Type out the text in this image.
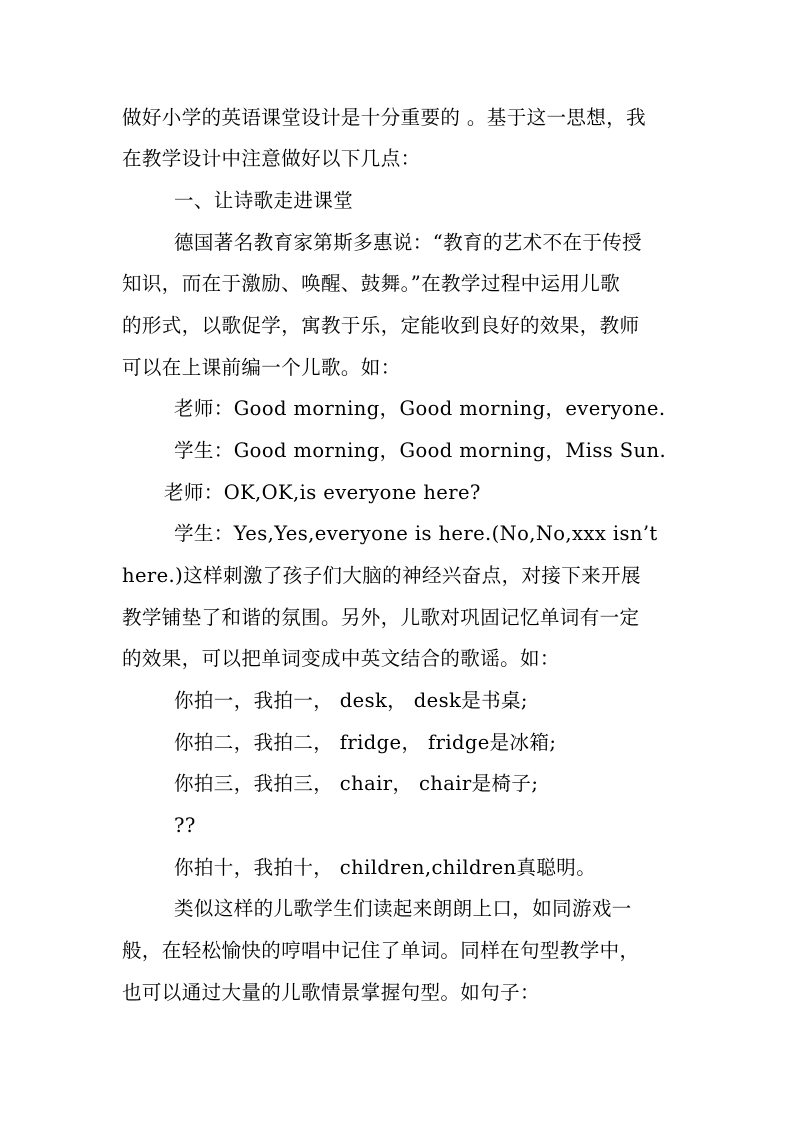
做好小学的英语课堂设计是十分重要的 。基于这一思想，我
在教学设计中注意做好以下几点：
一、让诗歌走进课堂
德国著名教育家第斯多惠说：“教育的艺术不在于传授
知识，而在于激励、唤醒、鼓舞。”在教学过程中运用儿歌
的形式，以歌促学，寓教于乐，定能收到良好的效果，教师
可以在上课前编一个儿歌。如：
老师：Good morning，Good morning，everyone.
学生：Good morning，Good morning，Miss Sun.
老师：OK,OK,is everyone here?
学生：Yes,Yes,everyone is here.(No,No,xxx isn’t
here.)这样刺激了孩子们大脑的神经兴奋点，对接下来开展
教学铺垫了和谐的氛围。另外，儿歌对巩固记忆单词有一定
的效果，可以把单词变成中英文结合的歌谣。如：
你拍一，我拍一， desk， desk是书桌;
你拍二，我拍二， fridge， fridge是冰箱;
你拍三，我拍三， chair， chair是椅子;
??
你拍十，我拍十， children,children真聪明。
类似这样的儿歌学生们读起来朗朗上口，如同游戏一
般，在轻松愉快的哼唱中记住了单词。同样在句型教学中，
也可以通过大量的儿歌情景掌握句型。如句子：
